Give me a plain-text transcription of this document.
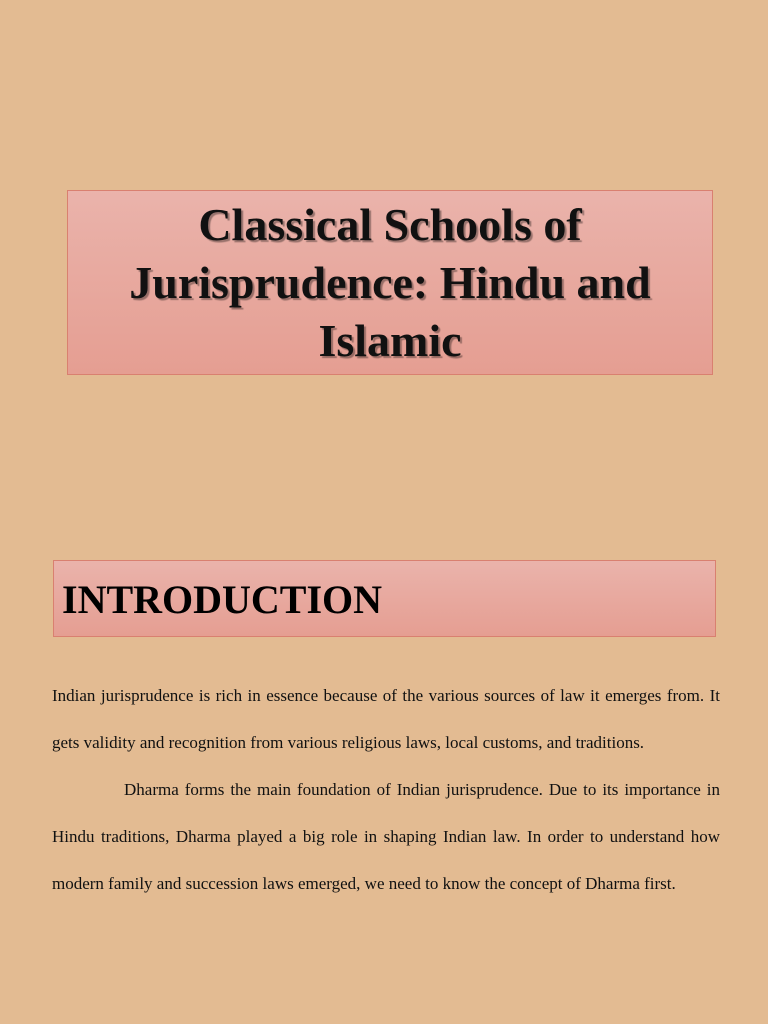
Classical Schools of Jurisprudence: Hindu and Islamic
INTRODUCTION

Indian jurisprudence is rich in essence because of the various sources of law it emerges from. It gets validity and recognition from various religious laws, local customs, and traditions.

Dharma forms the main foundation of Indian jurisprudence. Due to its importance in Hindu traditions, Dharma played a big role in shaping Indian law. In order to understand how modern family and succession laws emerged, we need to know the concept of Dharma first.
